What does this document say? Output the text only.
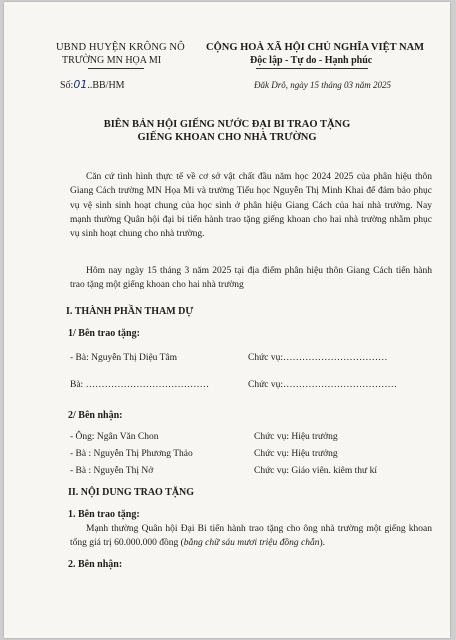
UBND HUYỆN KRÔNG NÔ
TRƯỜNG MN HỌA MI
CỘNG HOÀ XÃ HỘI CHỦ NGHĨA VIỆT NAM
Độc lập - Tự do - Hạnh phúc
Số:01..BB/HM	Đăk Drô, ngày 15 tháng 03 năm 2025
BIÊN BẢN HỘI GIẾNG NƯỚC ĐẠI BI TRAO TẶNG
GIẾNG KHOAN CHO NHÀ TRƯỜNG
Căn cứ tình hình thực tế về cơ sở vật chất đầu năm học 2024 2025 của phân hiệu thôn Giang Cách trường MN Họa Mi và trường Tiểu học Nguyễn Thị Minh Khai để đảm bảo phục vụ vệ sinh sinh hoạt chung của học sinh ở phân hiệu Giang Cách của hai nhà trường. Nay mạnh thường Quân hội đại bi tiến hành trao tặng giếng khoan cho hai nhà trường nhằm phục vụ sinh hoạt chung cho nhà trường.
Hôm nay ngày 15 tháng 3 năm 2025 tại địa điểm phân hiệu thôn Giang Cách tiến hành trao tặng một giếng khoan cho hai nhà trường
I. THÀNH PHẦN THAM DỰ
1/ Bên trao tặng:
- Bà: Nguyễn Thị Diệu Tâm	Chức vụ:……………………………
Bà: …………………………………	Chức vụ:………………………………
2/ Bên nhận:
- Ông: Ngân Văn Chon	Chức vụ: Hiệu trưởng
- Bà : Nguyễn Thị Phương Thảo	Chức vụ: Hiệu trưởng
- Bà : Nguyễn Thị Nở	Chức vụ: Giáo viên. kiêm thư kí
II. NỘI DUNG TRAO TẶNG
1. Bên trao tặng:
Mạnh thường Quân hội Đại Bi tiến hành trao tặng cho ông nhà trường một giếng khoan tổng giá trị 60.000.000 đồng (bằng chữ sáu mươi triệu đồng chẵn).
2. Bên nhận:
